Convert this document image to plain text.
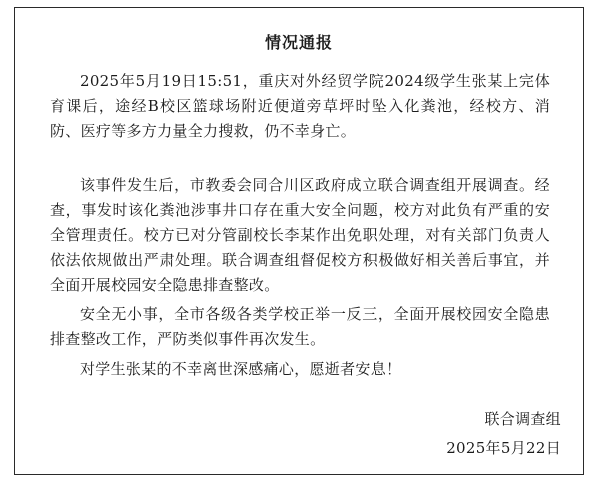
情况通报

2025年5月19日15:51，重庆对外经贸学院2024级学生张某上完体育课后，途经B校区篮球场附近便道旁草坪时坠入化粪池，经校方、消防、医疗等多方力量全力搜救，仍不幸身亡。

该事件发生后，市教委会同合川区政府成立联合调查组开展调查。经查，事发时该化粪池涉事井口存在重大安全问题，校方对此负有严重的安全管理责任。校方已对分管副校长李某作出免职处理，对有关部门负责人依法依规做出严肃处理。联合调查组督促校方积极做好相关善后事宜，并全面开展校园安全隐患排查整改。

安全无小事，全市各级各类学校正举一反三，全面开展校园安全隐患排查整改工作，严防类似事件再次发生。

对学生张某的不幸离世深感痛心，愿逝者安息！

联合调查组
2025年5月22日
